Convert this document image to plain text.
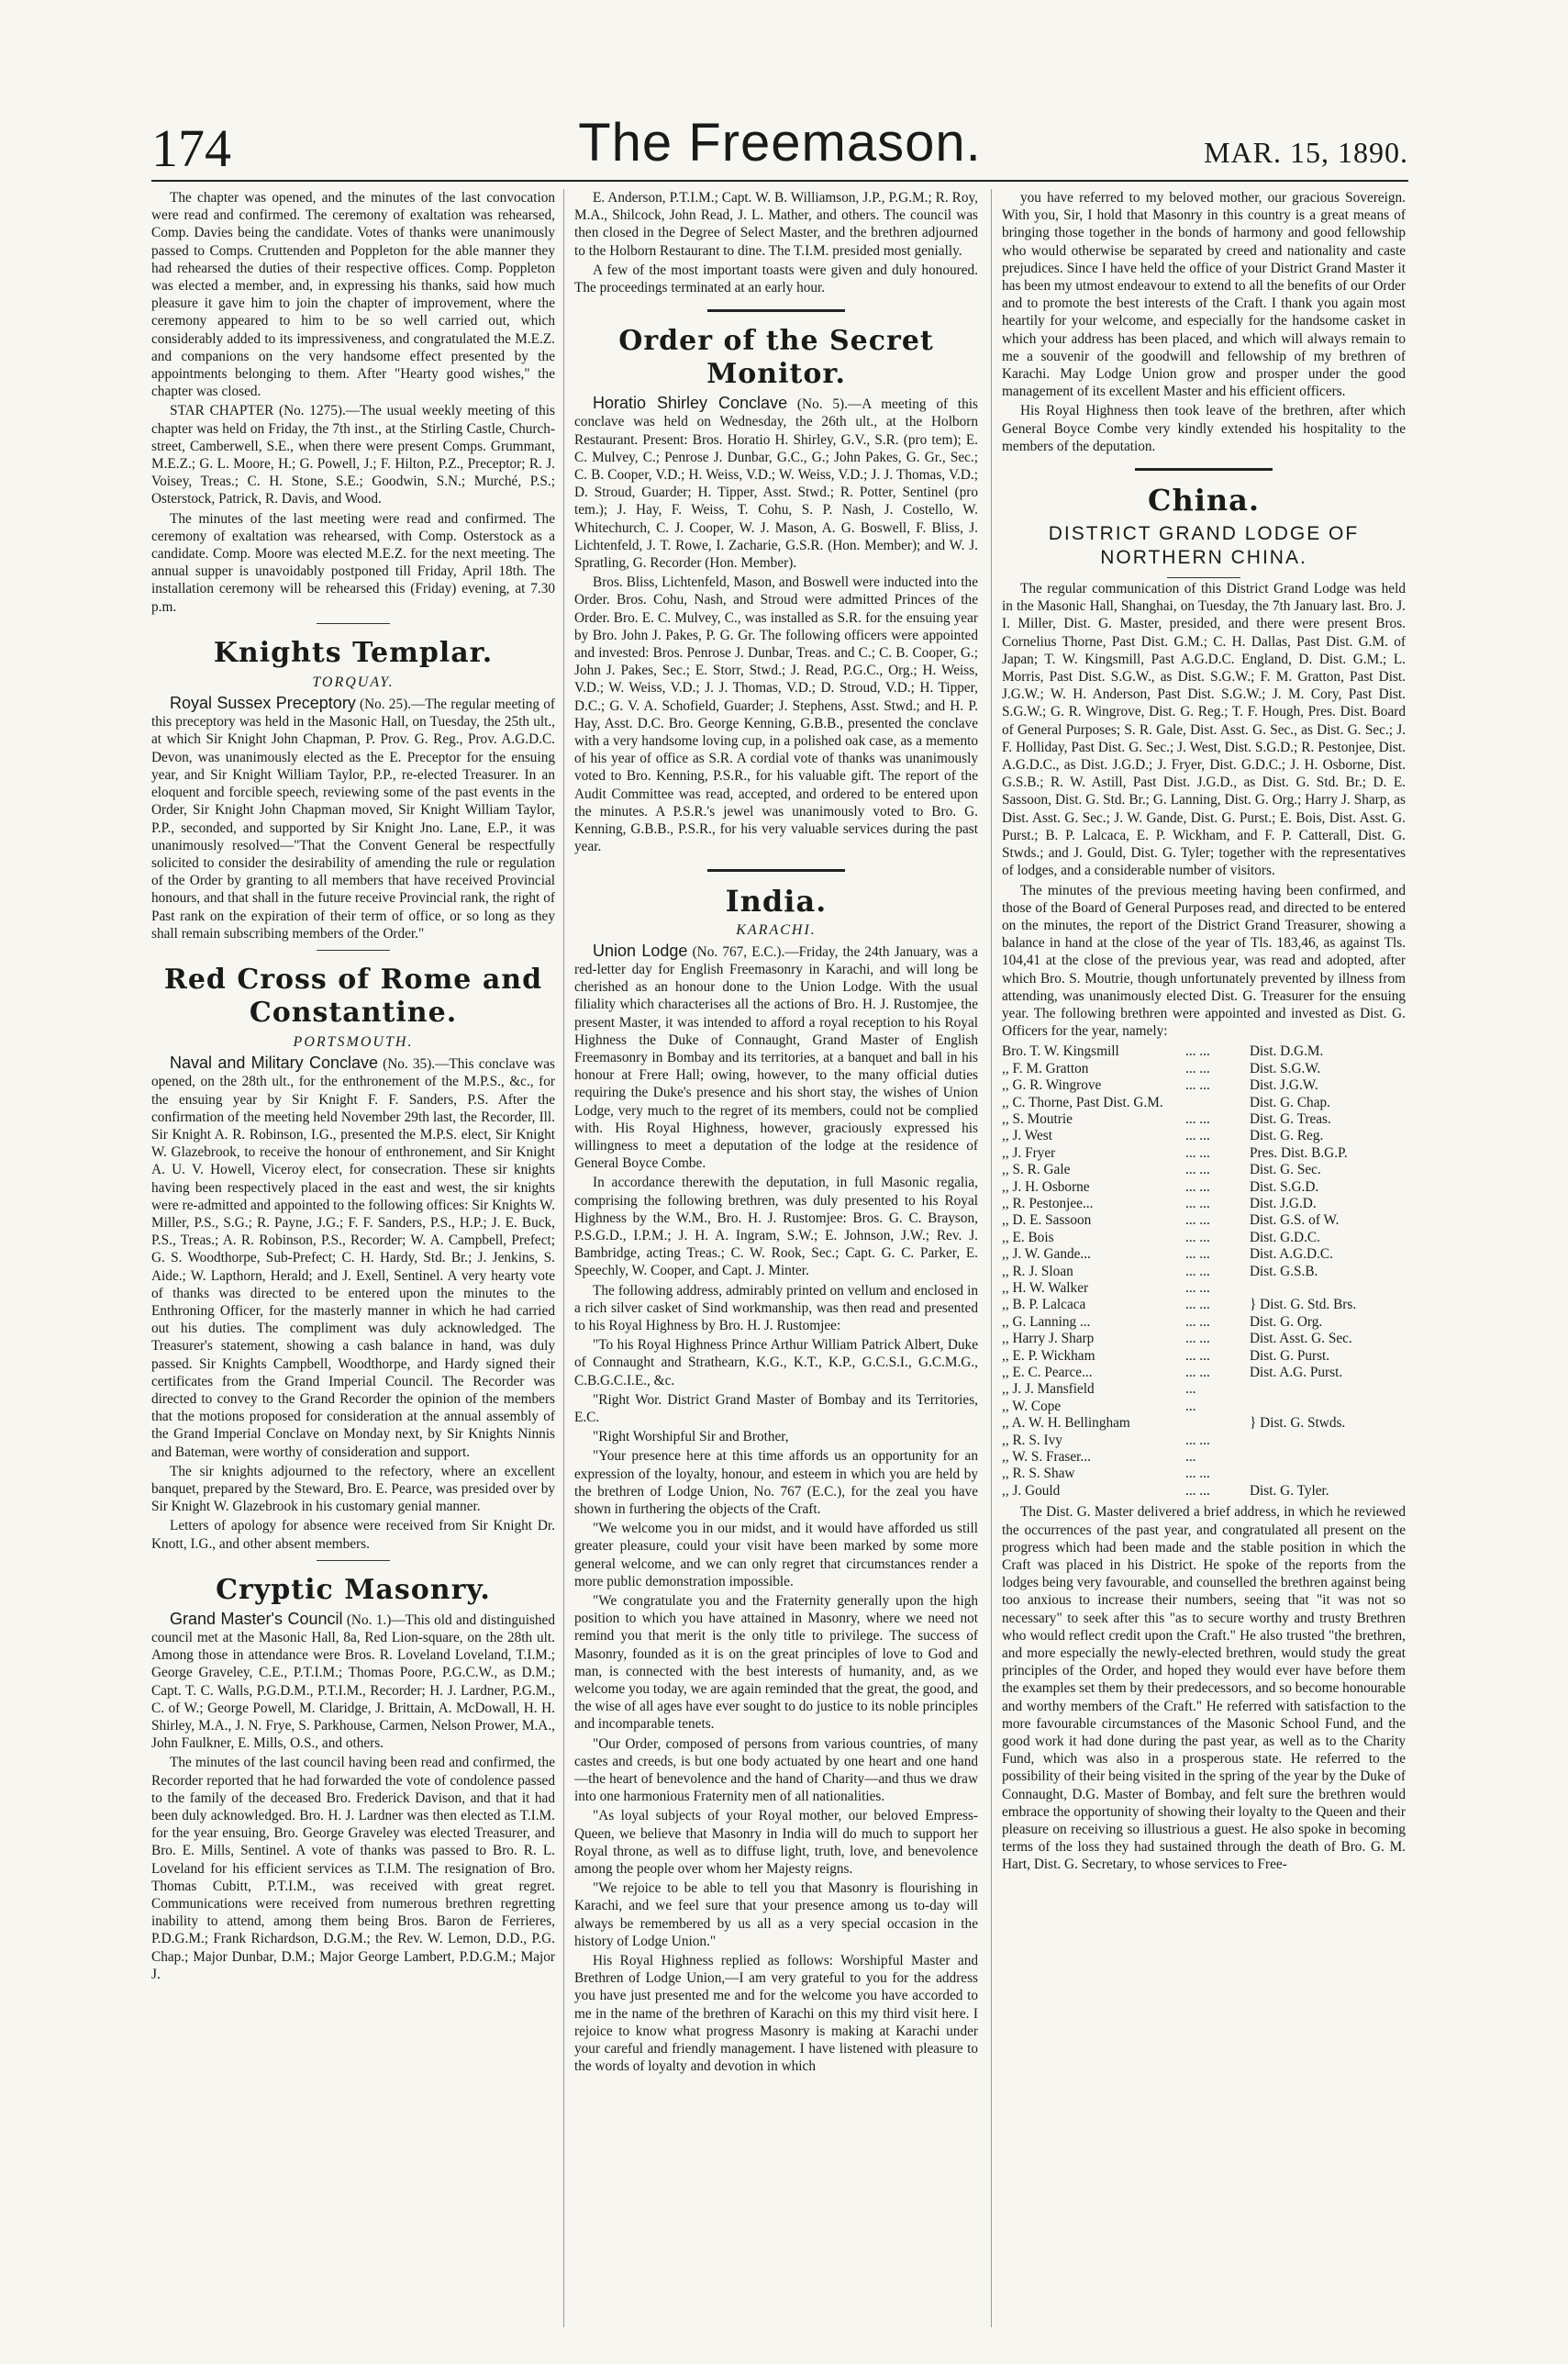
174	The Freemason.	MAR. 15, 1890.

The chapter was opened, and the minutes of the last convocation were read and confirmed. The ceremony of exaltation was rehearsed, Comp. Davies being the candidate. Votes of thanks were unanimously passed to Comps. Cruttenden and Poppleton for the able manner they had rehearsed the duties of their respective offices. Comp. Poppleton was elected a member, and, in expressing his thanks, said how much pleasure it gave him to join the chapter of improvement, where the ceremony appeared to him to be so well carried out, which considerably added to its impressiveness, and congratulated the M.E.Z. and companions on the very handsome effect presented by the appointments belonging to them. After "Hearty good wishes," the chapter was closed.

STAR CHAPTER (No. 1275).—The usual weekly meeting of this chapter was held on Friday, the 7th inst., at the Stirling Castle, Church-street, Camberwell, S.E., when there were present Comps. Grummant, M.E.Z.; G. L. Moore, H.; G. Powell, J.; F. Hilton, P.Z., Preceptor; R. J. Voisey, Treas.; C. H. Stone, S.E.; Goodwin, S.N.; Murché, P.S.; Osterstock, Patrick, R. Davis, and Wood.

The minutes of the last meeting were read and confirmed. The ceremony of exaltation was rehearsed, with Comp. Osterstock as a candidate. Comp. Moore was elected M.E.Z. for the next meeting. The annual supper is unavoidably postponed till Friday, April 18th. The installation ceremony will be rehearsed this (Friday) evening, at 7.30 p.m.

Knights Templar.
TORQUAY.

Royal Sussex Preceptory (No. 25).—The regular meeting of this preceptory was held in the Masonic Hall, on Tuesday, the 25th ult., at which Sir Knight John Chapman, P. Prov. G. Reg., Prov. A.G.D.C. Devon, was unanimously elected as the E. Preceptor for the ensuing year, and Sir Knight William Taylor, P.P., re-elected Treasurer. In an eloquent and forcible speech, reviewing some of the past events in the Order, Sir Knight John Chapman moved, Sir Knight William Taylor, P.P., seconded, and supported by Sir Knight Jno. Lane, E.P., it was unanimously resolved—"That the Convent General be respectfully solicited to consider the desirability of amending the rule or regulation of the Order by granting to all members that have received Provincial honours, and that shall in the future receive Provincial rank, the right of Past rank on the expiration of their term of office, or so long as they shall remain subscribing members of the Order."

Red Cross of Rome and Constantine.
PORTSMOUTH.

Naval and Military Conclave (No. 35).—This conclave was opened, on the 28th ult., for the enthronement of the M.P.S., &c., for the ensuing year by Sir Knight F. F. Sanders, P.S. After the confirmation of the meeting held November 29th last, the Recorder, Ill. Sir Knight A. R. Robinson, I.G., presented the M.P.S. elect, Sir Knight W. Glazebrook, to receive the honour of enthronement, and Sir Knight A. U. V. Howell, Viceroy elect, for consecration. These sir knights having been respectively placed in the east and west, the sir knights were re-admitted and appointed to the following offices: Sir Knights W. Miller, P.S., S.G.; R. Payne, J.G.; F. F. Sanders, P.S., H.P.; J. E. Buck, P.S., Treas.; A. R. Robinson, P.S., Recorder; W. A. Campbell, Prefect; G. S. Woodthorpe, Sub-Prefect; C. H. Hardy, Std. Br.; J. Jenkins, S. Aide.; W. Lapthorn, Herald; and J. Exell, Sentinel. A very hearty vote of thanks was directed to be entered upon the minutes to the Enthroning Officer, for the masterly manner in which he had carried out his duties. The compliment was duly acknowledged. The Treasurer's statement, showing a cash balance in hand, was duly passed. Sir Knights Campbell, Woodthorpe, and Hardy signed their certificates from the Grand Imperial Council. The Recorder was directed to convey to the Grand Recorder the opinion of the members that the motions proposed for consideration at the annual assembly of the Grand Imperial Conclave on Monday next, by Sir Knights Ninnis and Bateman, were worthy of consideration and support.

The sir knights adjourned to the refectory, where an excellent banquet, prepared by the Steward, Bro. E. Pearce, was presided over by Sir Knight W. Glazebrook in his customary genial manner.

Letters of apology for absence were received from Sir Knight Dr. Knott, I.G., and other absent members.

Cryptic Masonry.

Grand Master's Council (No. 1.)—This old and distinguished council met at the Masonic Hall, 8a, Red Lion-square, on the 28th ult. Among those in attendance were Bros. R. Loveland Loveland, T.I.M.; George Graveley, C.E., P.T.I.M.; Thomas Poore, P.G.C.W., as D.M.; Capt. T. C. Walls, P.G.D.M., P.T.I.M., Recorder; H. J. Lardner, P.G.M., C. of W.; George Powell, M. Claridge, J. Brittain, A. McDowall, H. H. Shirley, M.A., J. N. Frye, S. Parkhouse, Carmen, Nelson Prower, M.A., John Faulkner, E. Mills, O.S., and others.

The minutes of the last council having been read and confirmed, the Recorder reported that he had forwarded the vote of condolence passed to the family of the deceased Bro. Frederick Davison, and that it had been duly acknowledged. Bro. H. J. Lardner was then elected as T.I.M. for the year ensuing, Bro. George Graveley was elected Treasurer, and Bro. E. Mills, Sentinel. A vote of thanks was passed to Bro. R. L. Loveland for his efficient services as T.I.M. The resignation of Bro. Thomas Cubitt, P.T.I.M., was received with great regret. Communications were received from numerous brethren regretting inability to attend, among them being Bros. Baron de Ferrieres, P.D.G.M.; Frank Richardson, D.G.M.; the Rev. W. Lemon, D.D., P.G. Chap.; Major Dunbar, D.M.; Major George Lambert, P.D.G.M.; Major J.

E. Anderson, P.T.I.M.; Capt. W. B. Williamson, J.P., P.G.M.; R. Roy, M.A., Shilcock, John Read, J. L. Mather, and others. The council was then closed in the Degree of Select Master, and the brethren adjourned to the Holborn Restaurant to dine. The T.I.M. presided most genially.

A few of the most important toasts were given and duly honoured. The proceedings terminated at an early hour.

Order of the Secret Monitor.

Horatio Shirley Conclave (No. 5).—A meeting of this conclave was held on Wednesday, the 26th ult., at the Holborn Restaurant. Present: Bros. Horatio H. Shirley, G.V., S.R. (pro tem); E. C. Mulvey, C.; Penrose J. Dunbar, G.C., G.; John Pakes, G. Gr., Sec.; C. B. Cooper, V.D.; H. Weiss, V.D.; W. Weiss, V.D.; J. J. Thomas, V.D.; D. Stroud, Guarder; H. Tipper, Asst. Stwd.; R. Potter, Sentinel (pro tem.); J. Hay, F. Weiss, T. Cohu, S. P. Nash, J. Costello, W. Whitechurch, C. J. Cooper, W. J. Mason, A. G. Boswell, F. Bliss, J. Lichtenfeld, J. T. Rowe, I. Zacharie, G.S.R. (Hon. Member); and W. J. Spratling, G. Recorder (Hon. Member).

Bros. Bliss, Lichtenfeld, Mason, and Boswell were inducted into the Order. Bros. Cohu, Nash, and Stroud were admitted Princes of the Order. Bro. E. C. Mulvey, C., was installed as S.R. for the ensuing year by Bro. John J. Pakes, P. G. Gr. The following officers were appointed and invested: Bros. Penrose J. Dunbar, Treas. and C.; C. B. Cooper, G.; John J. Pakes, Sec.; E. Storr, Stwd.; J. Read, P.G.C., Org.; H. Weiss, V.D.; W. Weiss, V.D.; J. J. Thomas, V.D.; D. Stroud, V.D.; H. Tipper, D.C.; G. V. A. Schofield, Guarder; J. Stephens, Asst. Stwd.; and H. P. Hay, Asst. D.C. Bro. George Kenning, G.B.B., presented the conclave with a very handsome loving cup, in a polished oak case, as a memento of his year of office as S.R. A cordial vote of thanks was unanimously voted to Bro. Kenning, P.S.R., for his valuable gift. The report of the Audit Committee was read, accepted, and ordered to be entered upon the minutes. A P.S.R.'s jewel was unanimously voted to Bro. G. Kenning, G.B.B., P.S.R., for his very valuable services during the past year.

India.
KARACHI.

Union Lodge (No. 767, E.C.).—Friday, the 24th January, was a red-letter day for English Freemasonry in Karachi, and will long be cherished as an honour done to the Union Lodge. With the usual filiality which characterises all the actions of Bro. H. J. Rustomjee, the present Master, it was intended to afford a royal reception to his Royal Highness the Duke of Connaught, Grand Master of English Freemasonry in Bombay and its territories, at a banquet and ball in his honour at Frere Hall; owing, however, to the many official duties requiring the Duke's presence and his short stay, the wishes of Union Lodge, very much to the regret of its members, could not be complied with. His Royal Highness, however, graciously expressed his willingness to meet a deputation of the lodge at the residence of General Boyce Combe.

In accordance therewith the deputation, in full Masonic regalia, comprising the following brethren, was duly presented to his Royal Highness by the W.M., Bro. H. J. Rustomjee: Bros. G. C. Brayson, P.S.G.D., I.P.M.; J. H. A. Ingram, S.W.; E. Johnson, J.W.; Rev. J. Bambridge, acting Treas.; C. W. Rook, Sec.; Capt. G. C. Parker, E. Speechly, W. Cooper, and Capt. J. Minter.

The following address, admirably printed on vellum and enclosed in a rich silver casket of Sind workmanship, was then read and presented to his Royal Highness by Bro. H. J. Rustomjee:

"To his Royal Highness Prince Arthur William Patrick Albert, Duke of Connaught and Strathearn, K.G., K.T., K.P., G.C.S.I., G.C.M.G., C.B.G.C.I.E., &c.

"Right Wor. District Grand Master of Bombay and its Territories, E.C.

"Right Worshipful Sir and Brother,

"Your presence here at this time affords us an opportunity for an expression of the loyalty, honour, and esteem in which you are held by the brethren of Lodge Union, No. 767 (E.C.), for the zeal you have shown in furthering the objects of the Craft.

"We welcome you in our midst, and it would have afforded us still greater pleasure, could your visit have been marked by some more general welcome, and we can only regret that circumstances render a more public demonstration impossible.

"We congratulate you and the Fraternity generally upon the high position to which you have attained in Masonry, where we need not remind you that merit is the only title to privilege. The success of Masonry, founded as it is on the great principles of love to God and man, is connected with the best interests of humanity, and, as we welcome you today, we are again reminded that the great, the good, and the wise of all ages have ever sought to do justice to its noble principles and incomparable tenets.

"Our Order, composed of persons from various countries, of many castes and creeds, is but one body actuated by one heart and one hand—the heart of benevolence and the hand of Charity—and thus we draw into one harmonious Fraternity men of all nationalities.

"As loyal subjects of your Royal mother, our beloved Empress-Queen, we believe that Masonry in India will do much to support her Royal throne, as well as to diffuse light, truth, love, and benevolence among the people over whom her Majesty reigns.

"We rejoice to be able to tell you that Masonry is flourishing in Karachi, and we feel sure that your presence among us to-day will always be remembered by us all as a very special occasion in the history of Lodge Union."

His Royal Highness replied as follows: Worshipful Master and Brethren of Lodge Union,—I am very grateful to you for the address you have just presented me and for the welcome you have accorded to me in the name of the brethren of Karachi on this my third visit here. I rejoice to know what progress Masonry is making at Karachi under your careful and friendly management. I have listened with pleasure to the words of loyalty and devotion in which

you have referred to my beloved mother, our gracious Sovereign. With you, Sir, I hold that Masonry in this country is a great means of bringing those together in the bonds of harmony and good fellowship who would otherwise be separated by creed and nationality and caste prejudices. Since I have held the office of your District Grand Master it has been my utmost endeavour to extend to all the benefits of our Order and to promote the best interests of the Craft. I thank you again most heartily for your welcome, and especially for the handsome casket in which your address has been placed, and which will always remain to me a souvenir of the goodwill and fellowship of my brethren of Karachi. May Lodge Union grow and prosper under the good management of its excellent Master and his efficient officers.

His Royal Highness then took leave of the brethren, after which General Boyce Combe very kindly extended his hospitality to the members of the deputation.

China.
DISTRICT GRAND LODGE OF NORTHERN CHINA.

The regular communication of this District Grand Lodge was held in the Masonic Hall, Shanghai, on Tuesday, the 7th January last. Bro. J. I. Miller, Dist. G. Master, presided, and there were present Bros. Cornelius Thorne, Past Dist. G.M.; C. H. Dallas, Past Dist. G.M. of Japan; T. W. Kingsmill, Past A.G.D.C. England, D. Dist. G.M.; L. Morris, Past Dist. S.G.W., as Dist. S.G.W.; F. M. Gratton, Past Dist. J.G.W.; W. H. Anderson, Past Dist. S.G.W.; J. M. Cory, Past Dist. S.G.W.; G. R. Wingrove, Dist. G. Reg.; T. F. Hough, Pres. Dist. Board of General Purposes; S. R. Gale, Dist. Asst. G. Sec., as Dist. G. Sec.; J. F. Holliday, Past Dist. G. Sec.; J. West, Dist. S.G.D.; R. Pestonjee, Dist. A.G.D.C., as Dist. J.G.D.; J. Fryer, Dist. G.D.C.; J. H. Osborne, Dist. G.S.B.; R. W. Astill, Past Dist. J.G.D., as Dist. G. Std. Br.; D. E. Sassoon, Dist. G. Std. Br.; G. Lanning, Dist. G. Org.; Harry J. Sharp, as Dist. Asst. G. Sec.; J. W. Gande, Dist. G. Purst.; E. Bois, Dist. Asst. G. Purst.; B. P. Lalcaca, E. P. Wickham, and F. P. Catterall, Dist. G. Stwds.; and J. Gould, Dist. G. Tyler; together with the representatives of lodges, and a considerable number of visitors.

The minutes of the previous meeting having been confirmed, and those of the Board of General Purposes read, and directed to be entered on the minutes, the report of the District Grand Treasurer, showing a balance in hand at the close of the year of Tls. 183,46, as against Tls. 104,41 at the close of the previous year, was read and adopted, after which Bro. S. Moutrie, though unfortunately prevented by illness from attending, was unanimously elected Dist. G. Treasurer for the ensuing year. The following brethren were appointed and invested as Dist. G. Officers for the year, namely:

Bro. T. W. Kingsmill	... ...	Dist. D.G.M.
,, F. M. Gratton	... ...	Dist. S.G.W.
,, G. R. Wingrove	... ...	Dist. J.G.W.
,, C. Thorne, Past Dist. G.M.		Dist. G. Chap.
,, S. Moutrie	... ...	Dist. G. Treas.
,, J. West	... ...	Dist. G. Reg.
,, J. Fryer	... ...	Pres. Dist. B.G.P.
,, S. R. Gale	... ...	Dist. G. Sec.
,, J. H. Osborne	... ...	Dist. S.G.D.
,, R. Pestonjee...	... ...	Dist. J.G.D.
,, D. E. Sassoon	... ...	Dist. G.S. of W.
,, E. Bois	... ...	Dist. G.D.C.
,, J. W. Gande...	... ...	Dist. A.G.D.C.
,, R. J. Sloan	... ...	Dist. G.S.B.
,, H. W. Walker	... ...	
,, B. P. Lalcaca	... ...	} Dist. G. Std. Brs.
,, G. Lanning ...	... ...	Dist. G. Org.
,, Harry J. Sharp	... ...	Dist. Asst. G. Sec.
,, E. P. Wickham	... ...	Dist. G. Purst.
,, E. C. Pearce...	... ...	Dist. A.G. Purst.
,, J. J. Mansfield	...	
,, W. Cope	...	
,, A. W. H. Bellingham		} Dist. G. Stwds.
,, R. S. Ivy	... ...	
,, W. S. Fraser...	...	
,, R. S. Shaw	... ...	
,, J. Gould	... ...	Dist. G. Tyler.

The Dist. G. Master delivered a brief address, in which he reviewed the occurrences of the past year, and congratulated all present on the progress which had been made and the stable position in which the Craft was placed in his District. He spoke of the reports from the lodges being very favourable, and counselled the brethren against being too anxious to increase their numbers, seeing that "it was not so necessary" to seek after this "as to secure worthy and trusty Brethren who would reflect credit upon the Craft." He also trusted "the brethren, and more especially the newly-elected brethren, would study the great principles of the Order, and hoped they would ever have before them the examples set them by their predecessors, and so become honourable and worthy members of the Craft." He referred with satisfaction to the more favourable circumstances of the Masonic School Fund, and the good work it had done during the past year, as well as to the Charity Fund, which was also in a prosperous state. He referred to the possibility of their being visited in the spring of the year by the Duke of Connaught, D.G. Master of Bombay, and felt sure the brethren would embrace the opportunity of showing their loyalty to the Queen and their pleasure on receiving so illustrious a guest. He also spoke in becoming terms of the loss they had sustained through the death of Bro. G. M. Hart, Dist. G. Secretary, to whose services to Free-
